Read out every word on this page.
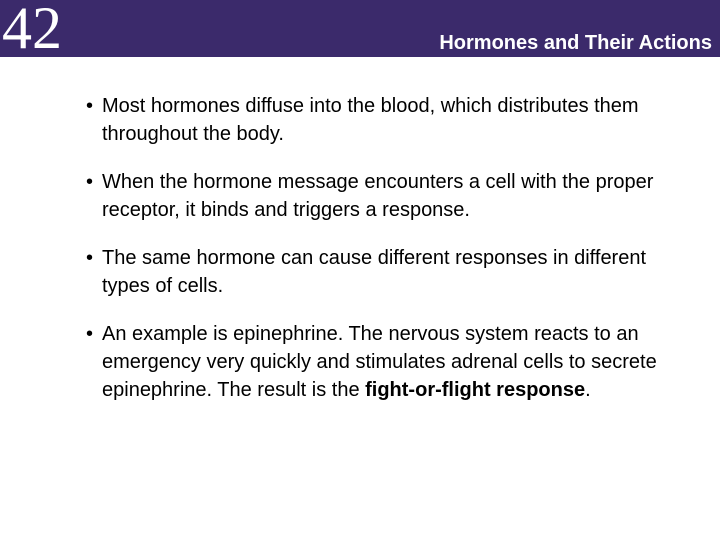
42	Hormones and Their Actions
• Most hormones diffuse into the blood, which distributes them throughout the body.
• When the hormone message encounters a cell with the proper receptor, it binds and triggers a response.
• The same hormone can cause different responses in different types of cells.
• An example is epinephrine. The nervous system reacts to an emergency very quickly and stimulates adrenal cells to secrete epinephrine. The result is the fight-or-flight response.
